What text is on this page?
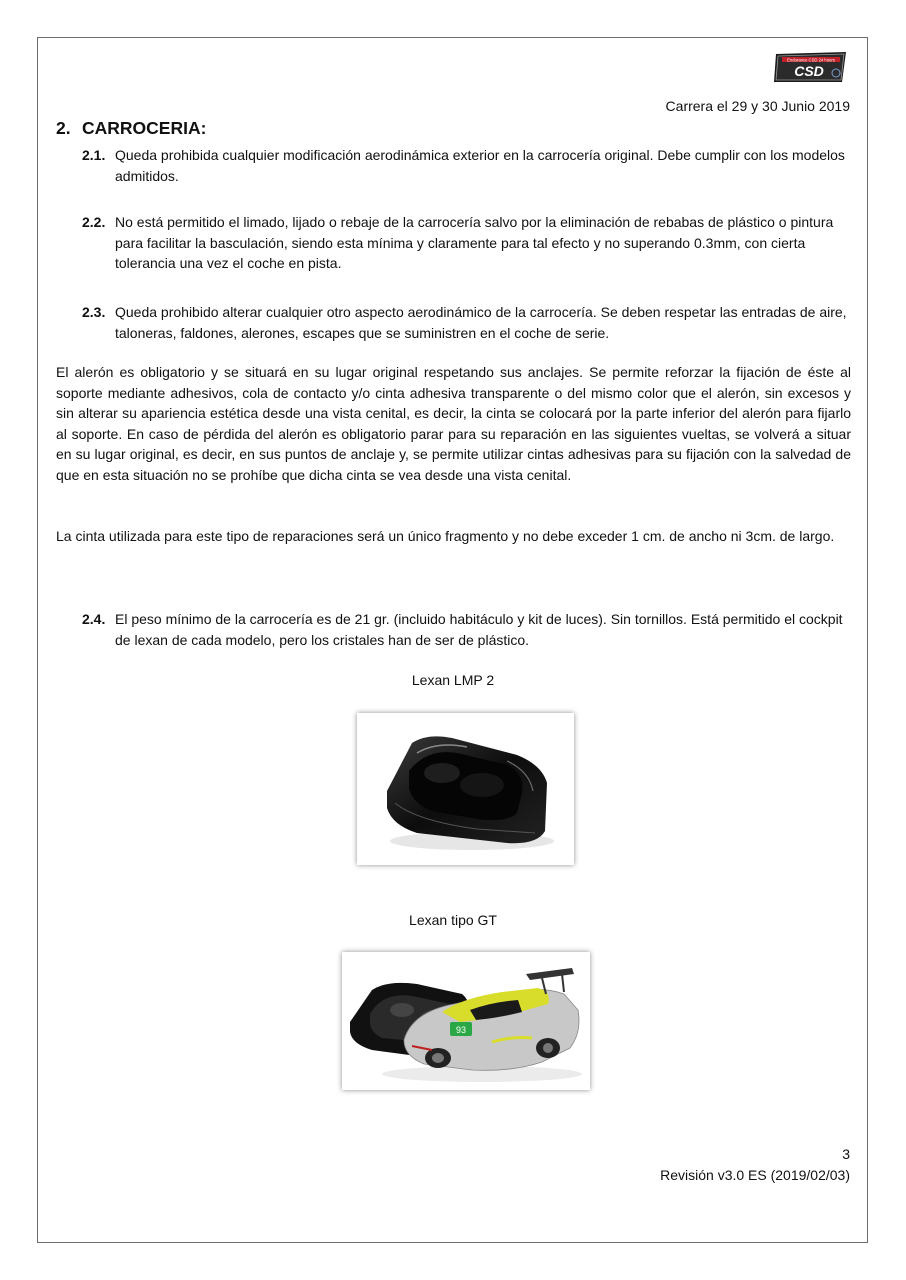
Endurance CSD 24 hours
CSD
Carrera el 29 y 30 Junio 2019
2. CARROCERIA:
2.1. Queda prohibida cualquier modificación aerodinámica exterior en la carrocería original. Debe cumplir con los modelos admitidos.
2.2. No está permitido el limado, lijado o rebaje de la carrocería salvo por la eliminación de rebabas de plástico o pintura para facilitar la basculación, siendo esta mínima y claramente para tal efecto y no superando 0.3mm, con cierta tolerancia una vez el coche en pista.
2.3. Queda prohibido alterar cualquier otro aspecto aerodinámico de la carrocería. Se deben respetar las entradas de aire, taloneras, faldones, alerones, escapes que se suministren en el coche de serie.
El alerón es obligatorio y se situará en su lugar original respetando sus anclajes. Se permite reforzar la fijación de éste al soporte mediante adhesivos, cola de contacto y/o cinta adhesiva transparente o del mismo color que el alerón, sin excesos y sin alterar su apariencia estética desde una vista cenital, es decir, la cinta se colocará por la parte inferior del alerón para fijarlo al soporte. En caso de pérdida del alerón es obligatorio parar para su reparación en las siguientes vueltas, se volverá a situar en su lugar original, es decir, en sus puntos de anclaje y, se permite utilizar cintas adhesivas para su fijación con la salvedad de que en esta situación no se prohíbe que dicha cinta se vea desde una vista cenital.
La cinta utilizada para este tipo de reparaciones será un único fragmento y no debe exceder 1 cm. de ancho ni 3cm. de largo.
2.4. El peso mínimo de la carrocería es de 21 gr. (incluido habitáculo y kit de luces). Sin tornillos. Está permitido el cockpit de lexan de cada modelo, pero los cristales han de ser de plástico.
Lexan LMP 2
Lexan tipo GT
93
3
Revisión v3.0 ES (2019/02/03)
